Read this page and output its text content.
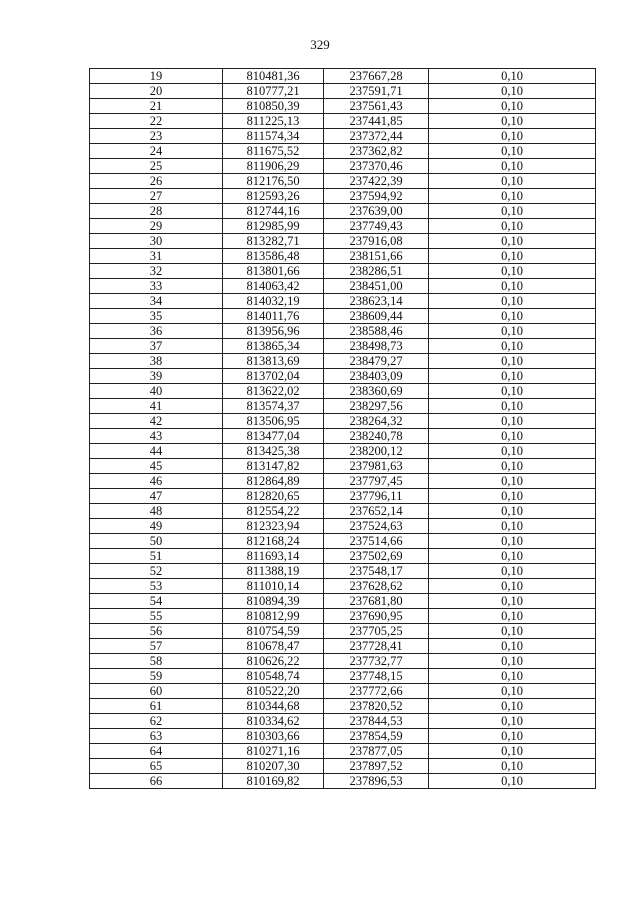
329
19	810481,36	237667,28	0,10
20	810777,21	237591,71	0,10
21	810850,39	237561,43	0,10
22	811225,13	237441,85	0,10
23	811574,34	237372,44	0,10
24	811675,52	237362,82	0,10
25	811906,29	237370,46	0,10
26	812176,50	237422,39	0,10
27	812593,26	237594,92	0,10
28	812744,16	237639,00	0,10
29	812985,99	237749,43	0,10
30	813282,71	237916,08	0,10
31	813586,48	238151,66	0,10
32	813801,66	238286,51	0,10
33	814063,42	238451,00	0,10
34	814032,19	238623,14	0,10
35	814011,76	238609,44	0,10
36	813956,96	238588,46	0,10
37	813865,34	238498,73	0,10
38	813813,69	238479,27	0,10
39	813702,04	238403,09	0,10
40	813622,02	238360,69	0,10
41	813574,37	238297,56	0,10
42	813506,95	238264,32	0,10
43	813477,04	238240,78	0,10
44	813425,38	238200,12	0,10
45	813147,82	237981,63	0,10
46	812864,89	237797,45	0,10
47	812820,65	237796,11	0,10
48	812554,22	237652,14	0,10
49	812323,94	237524,63	0,10
50	812168,24	237514,66	0,10
51	811693,14	237502,69	0,10
52	811388,19	237548,17	0,10
53	811010,14	237628,62	0,10
54	810894,39	237681,80	0,10
55	810812,99	237690,95	0,10
56	810754,59	237705,25	0,10
57	810678,47	237728,41	0,10
58	810626,22	237732,77	0,10
59	810548,74	237748,15	0,10
60	810522,20	237772,66	0,10
61	810344,68	237820,52	0,10
62	810334,62	237844,53	0,10
63	810303,66	237854,59	0,10
64	810271,16	237877,05	0,10
65	810207,30	237897,52	0,10
66	810169,82	237896,53	0,10
